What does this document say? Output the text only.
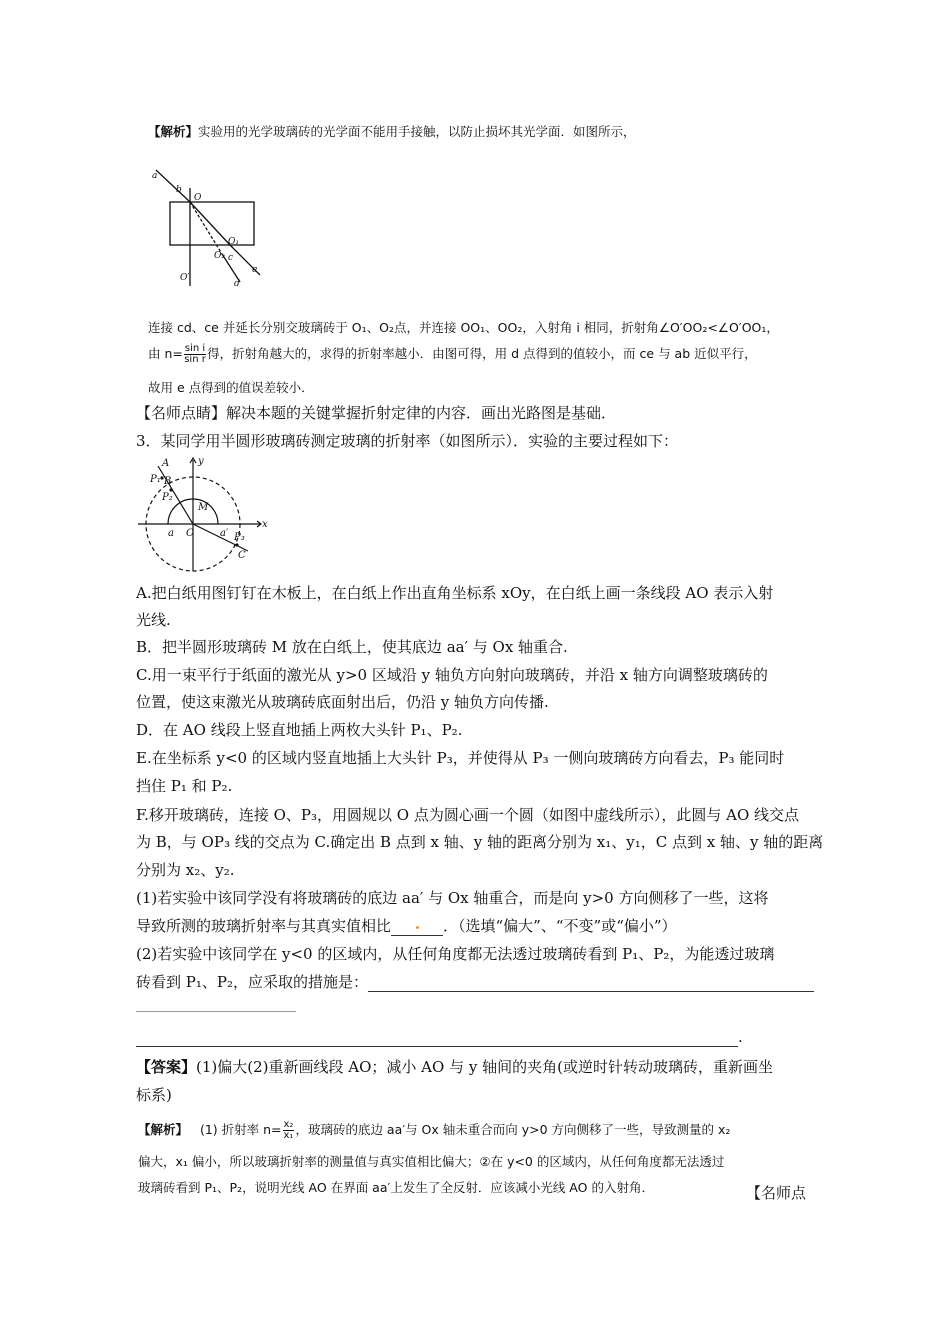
【解析】实验用的光学玻璃砖的光学面不能用手接触，以防止损坏其光学面．如图所示，
a
b
O
O₁
O₂ c
e
O′
d
连接 cd、ce 并延长分别交玻璃砖于 O₁、O₂点，并连接 OO₁、OO₂，入射角 i 相同，折射角∠O′OO₂<∠O′OO₁，
由 $n= \frac{\text{sin i}}{\text{sin r}}$ 得，折射角越大的，求得的折射率越小．由图可得，用 d 点得到的值较小，而 ce 与 ab 近似平行，
故用 e 点得到的值误差较小．
【名师点睛】解决本题的关键掌握折射定律的内容．画出光路图是基础．
3．某同学用半圆形玻璃砖测定玻璃的折射率（如图所示）．实验的主要过程如下：
A	y
P₁ B
P₂
M
x
a O	a′ P₃
C
A.把白纸用图钉钉在木板上，在白纸上作出直角坐标系 xOy，在白纸上画一条线段 AO 表示入射
光线.
B．把半圆形玻璃砖 M 放在白纸上，使其底边 aa′ 与 Ox 轴重合.
C.用一束平行于纸面的激光从 y>0 区域沿 y 轴负方向射向玻璃砖，并沿 x 轴方向调整玻璃砖的
位置，使这束激光从玻璃砖底面射出后，仍沿 y 轴负方向传播.
D．在 AO 线段上竖直地插上两枚大头针 P₁、P₂.
E.在坐标系 y<0 的区域内竖直地插上大头针 P₃，并使得从 P₃ 一侧向玻璃砖方向看去，P₃ 能同时
挡住 P₁ 和 P₂.
F.移开玻璃砖，连接 O、P₃，用圆规以 O 点为圆心画一个圆（如图中虚线所示），此圆与 AO 线交点
为 B，与 OP₃ 线的交点为 C.确定出 B 点到 x 轴、y 轴的距离分别为 x₁、y₁，C 点到 x 轴、y 轴的距离
分别为 x₂、y₂.
(1)若实验中该同学没有将玻璃砖的底边 aa′ 与 Ox 轴重合，而是向 y>0 方向侧移了一些，这将
导致所测的玻璃折射率与其真实值相比	．（选填“偏大”、“不变”或“偏小”）
(2)若实验中该同学在 y<0 的区域内，从任何角度都无法透过玻璃砖看到 P₁、P₂，为能透过玻璃
砖看到 P₁、P₂，应采取的措施是：
.
【答案】(1)偏大(2)重新画线段 AO；减小 AO 与 y 轴间的夹角(或逆时针转动玻璃砖，重新画坐
标系)
【解析】 (1) 折射率 $n= \frac{\text{x₂}}{\text{x₁}}$ ，玻璃砖的底边 aa′与 Ox 轴未重合而向 y>0 方向侧移了一些，导致测量的 x₂
偏大，x₁ 偏小，所以玻璃折射率的测量值与真实值相比偏大；②在 y<0 的区域内，从任何角度都无法透过
玻璃砖看到 P₁、P₂，说明光线 AO 在界面 aa′上发生了全反射．应该减小光线 AO 的入射角．	【名师点
